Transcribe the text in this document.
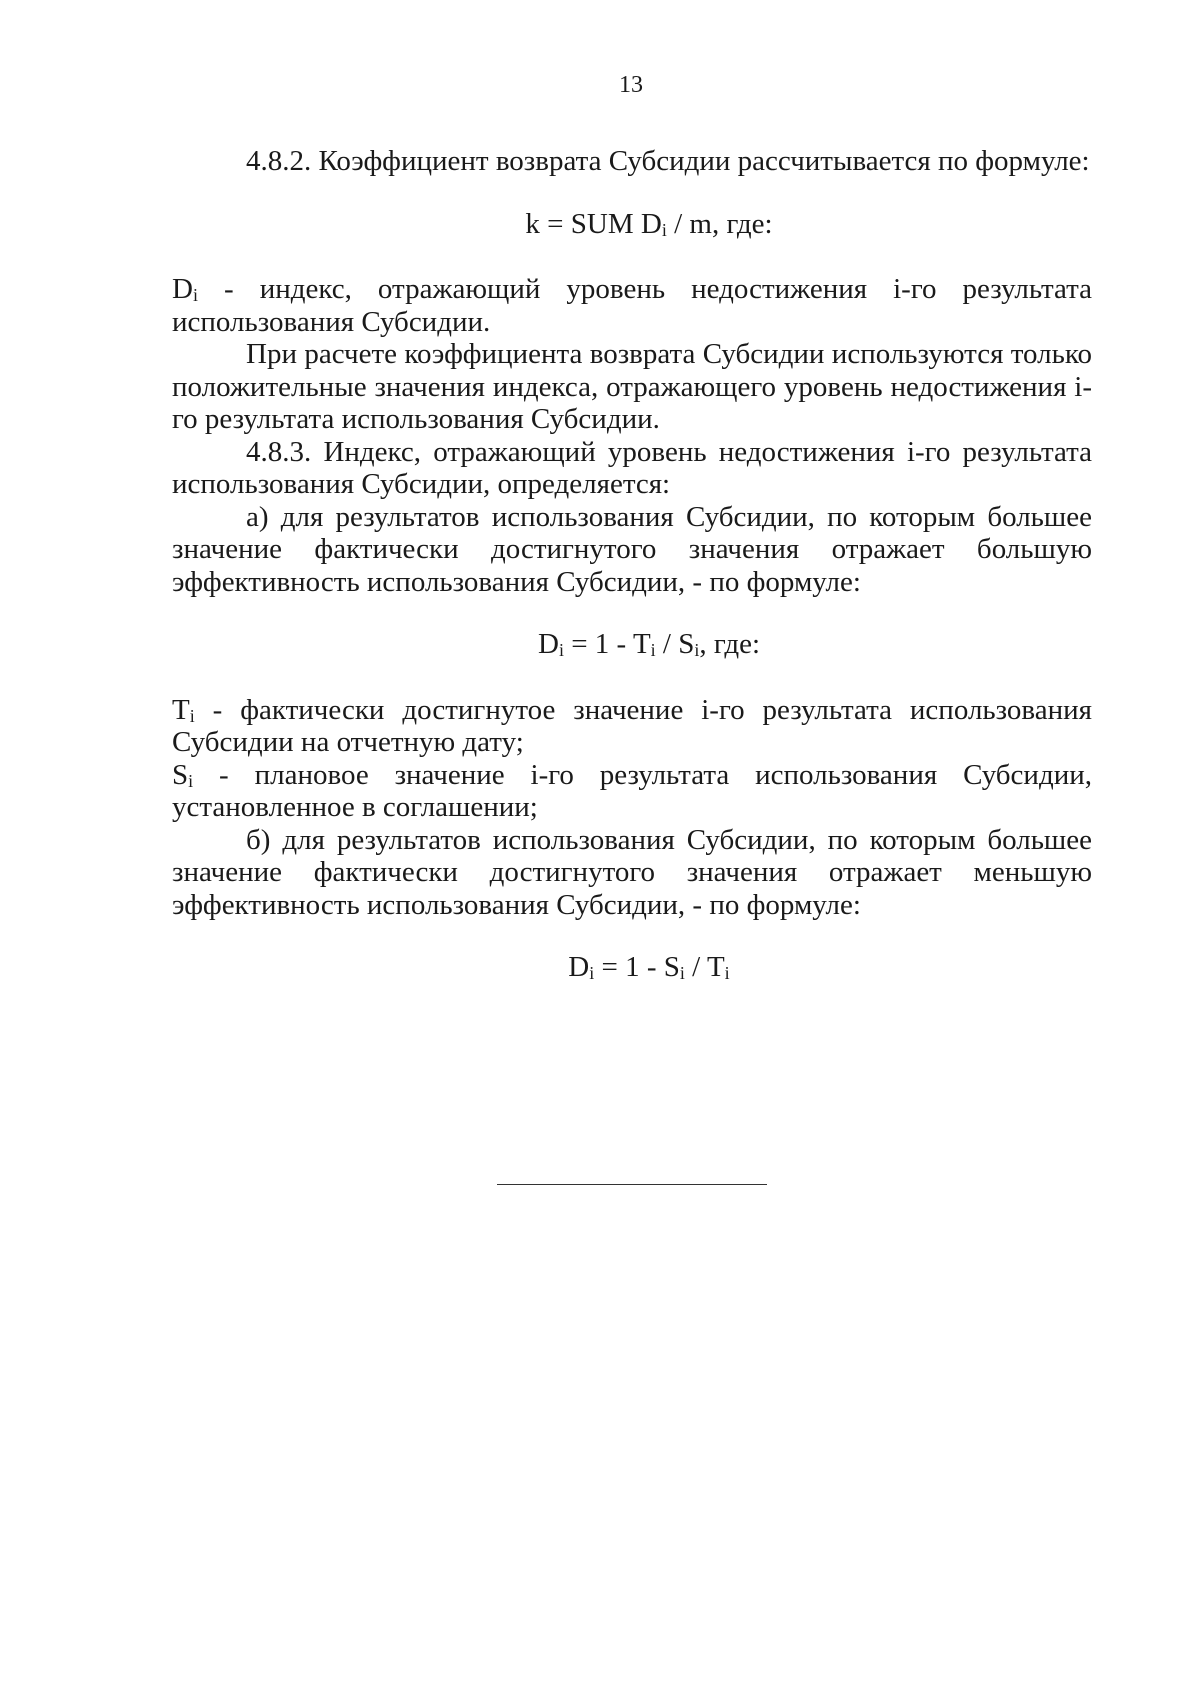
13

4.8.2. Коэффициент возврата Субсидии рассчитывается по формуле:

k = SUM $D_i$ / m, где:

$D_i$ - индекс, отражающий уровень недостижения i-го результата использования Субсидии.

При расчете коэффициента возврата Субсидии используются только положительные значения индекса, отражающего уровень недостижения i-го результата использования Субсидии.

4.8.3. Индекс, отражающий уровень недостижения i-го результата использования Субсидии, определяется:

а) для результатов использования Субсидии, по которым большее значение фактически достигнутого значения отражает большую эффективность использования Субсидии, - по формуле:

$D_i = 1 - T_i / S_i$, где:

$T_i$ - фактически достигнутое значение i-го результата использования Субсидии на отчетную дату;

$S_i$ - плановое значение i-го результата использования Субсидии, установленное в соглашении;

б) для результатов использования Субсидии, по которым большее значение фактически достигнутого значения отражает меньшую эффективность использования Субсидии, - по формуле:

$D_i = 1 - S_i / T_i$
